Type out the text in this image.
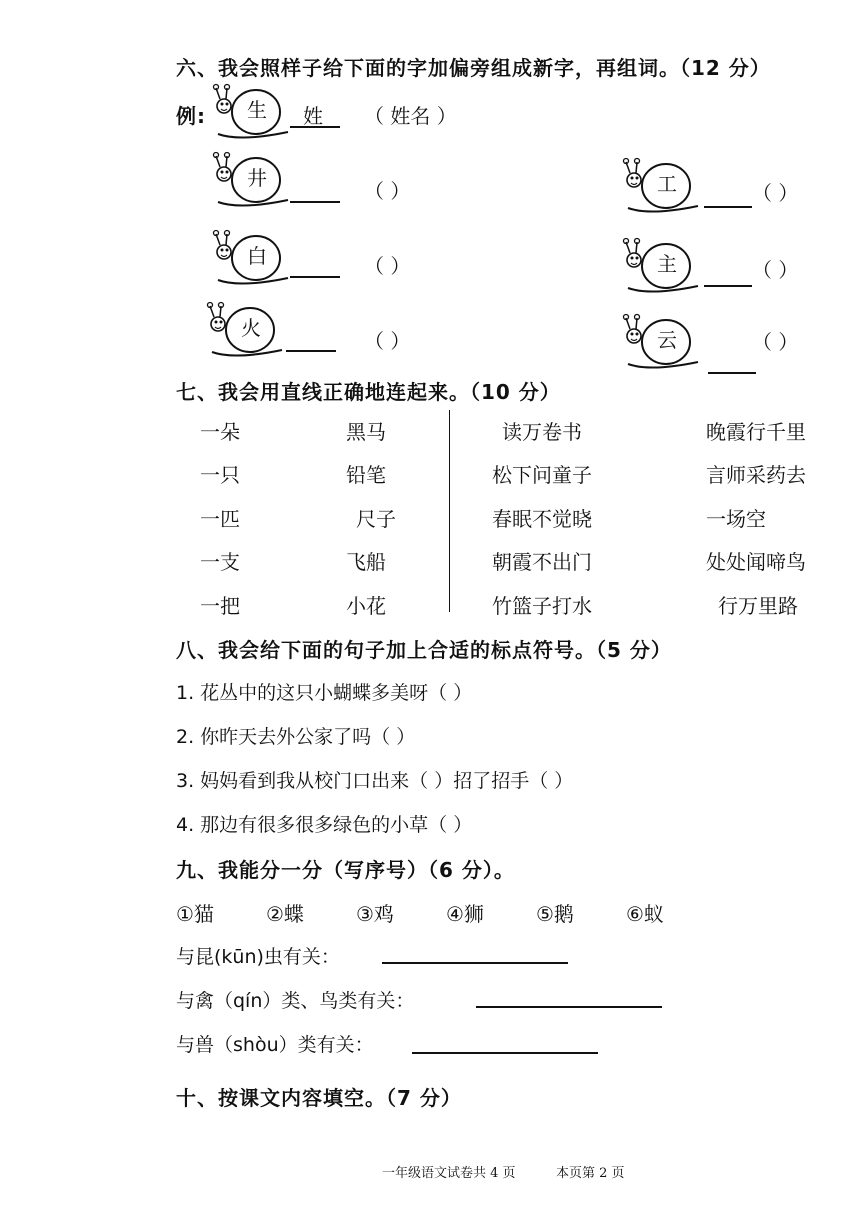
六、我会照样子给下面的字加偏旁组成新字，再组词。（12 分）
例:	生	姓 （ 姓名 ）
井
（ ）
白	（ ）
火
（ ）
工	（ ）
主	（ ）
云	（ ）
七、我会用直线正确地连起来。（10 分）
一朵
一只
一匹
一支
一把
黑马
铅笔
尺子
飞船
小花
读万卷书
松下问童子
春眠不觉晓
朝霞不出门
竹篮子打水
晚霞行千里
言师采药去
一场空
处处闻啼鸟
行万里路
八、我会给下面的句子加上合适的标点符号。（5 分）
1. 花丛中的这只小蝴蝶多美呀（ ）
2. 你昨天去外公家了吗（ ）
3. 妈妈看到我从校门口出来（ ）招了招手（ ）
4. 那边有很多很多绿色的小草（ ）
九、我能分一分（写序号）（6 分）。
①猫	②蝶	③鸡	④狮	⑤鹅	⑥蚁
与昆(kūn)虫有关：
与禽（qín）类、鸟类有关：
与兽（shòu）类有关：
十、按课文内容填空。（7 分）
一年级语文试卷共 4 页	本页第 2 页
